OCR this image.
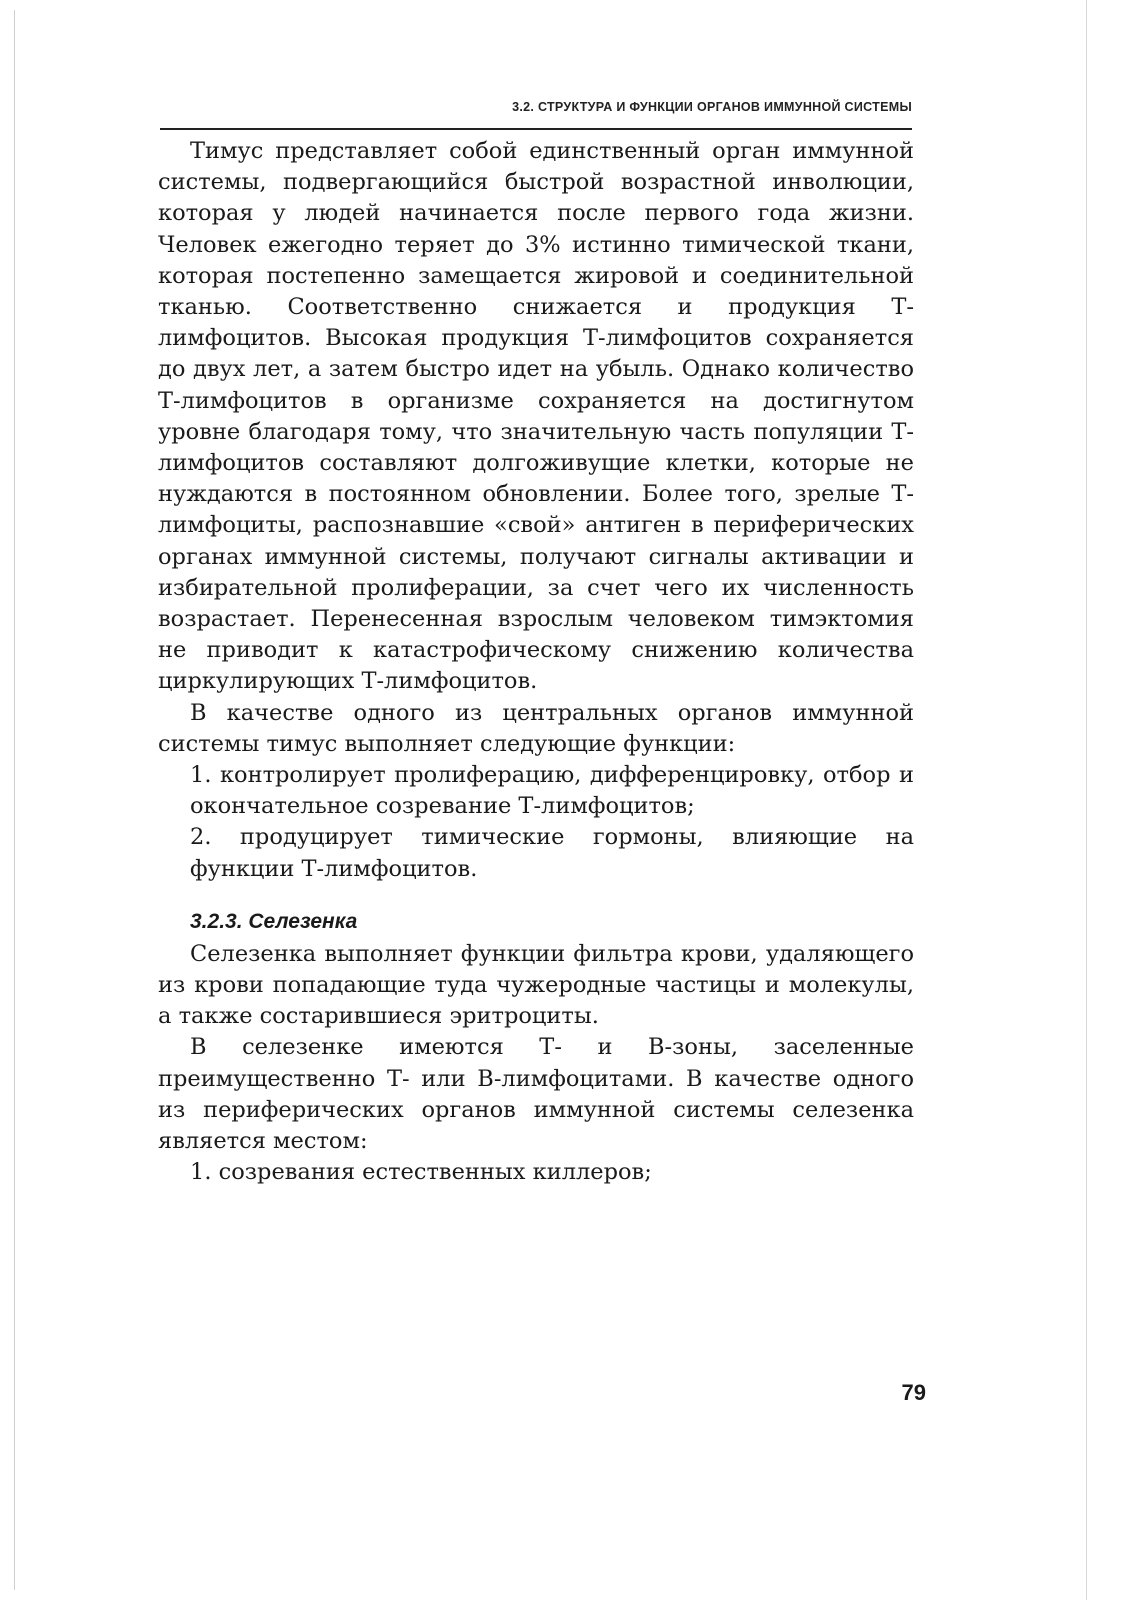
3.2. СТРУКТУРА И ФУНКЦИИ ОРГАНОВ ИММУННОЙ СИСТЕМЫ

Тимус представляет собой единственный орган иммунной системы, подвергающийся быстрой возрастной инволюции, которая у людей начинается после первого года жизни. Человек ежегодно теряет до 3% истинно тимической ткани, которая постепенно замещается жировой и соединительной тканью. Соответственно снижается и продукция Т-лимфоцитов. Высокая продукция Т-лимфоцитов сохраняется до двух лет, а затем быстро идет на убыль. Однако количество Т-лимфоцитов в организме сохраняется на достигнутом уровне благодаря тому, что значительную часть популяции Т-лимфоцитов составляют долгоживущие клетки, которые не нуждаются в постоянном обновлении. Более того, зрелые Т-лимфоциты, распознавшие «свой» антиген в периферических органах иммунной системы, получают сигналы активации и избирательной пролиферации, за счет чего их численность возрастает. Перенесенная взрослым человеком тимэктомия не приводит к катастрофическому снижению количества циркулирующих Т-лимфоцитов.

В качестве одного из центральных органов иммунной системы тимус выполняет следующие функции:

1. контролирует пролиферацию, дифференцировку, отбор и окончательное созревание Т-лимфоцитов;

2. продуцирует тимические гормоны, влияющие на функции Т-лимфоцитов.

3.2.3. Селезенка

Селезенка выполняет функции фильтра крови, удаляющего из крови попадающие туда чужеродные частицы и молекулы, а также состарившиеся эритроциты.

В селезенке имеются Т- и В-зоны, заселенные преимущественно Т- или В-лимфоцитами. В качестве одного из периферических органов иммунной системы селезенка является местом:

1. созревания естественных киллеров;

79
